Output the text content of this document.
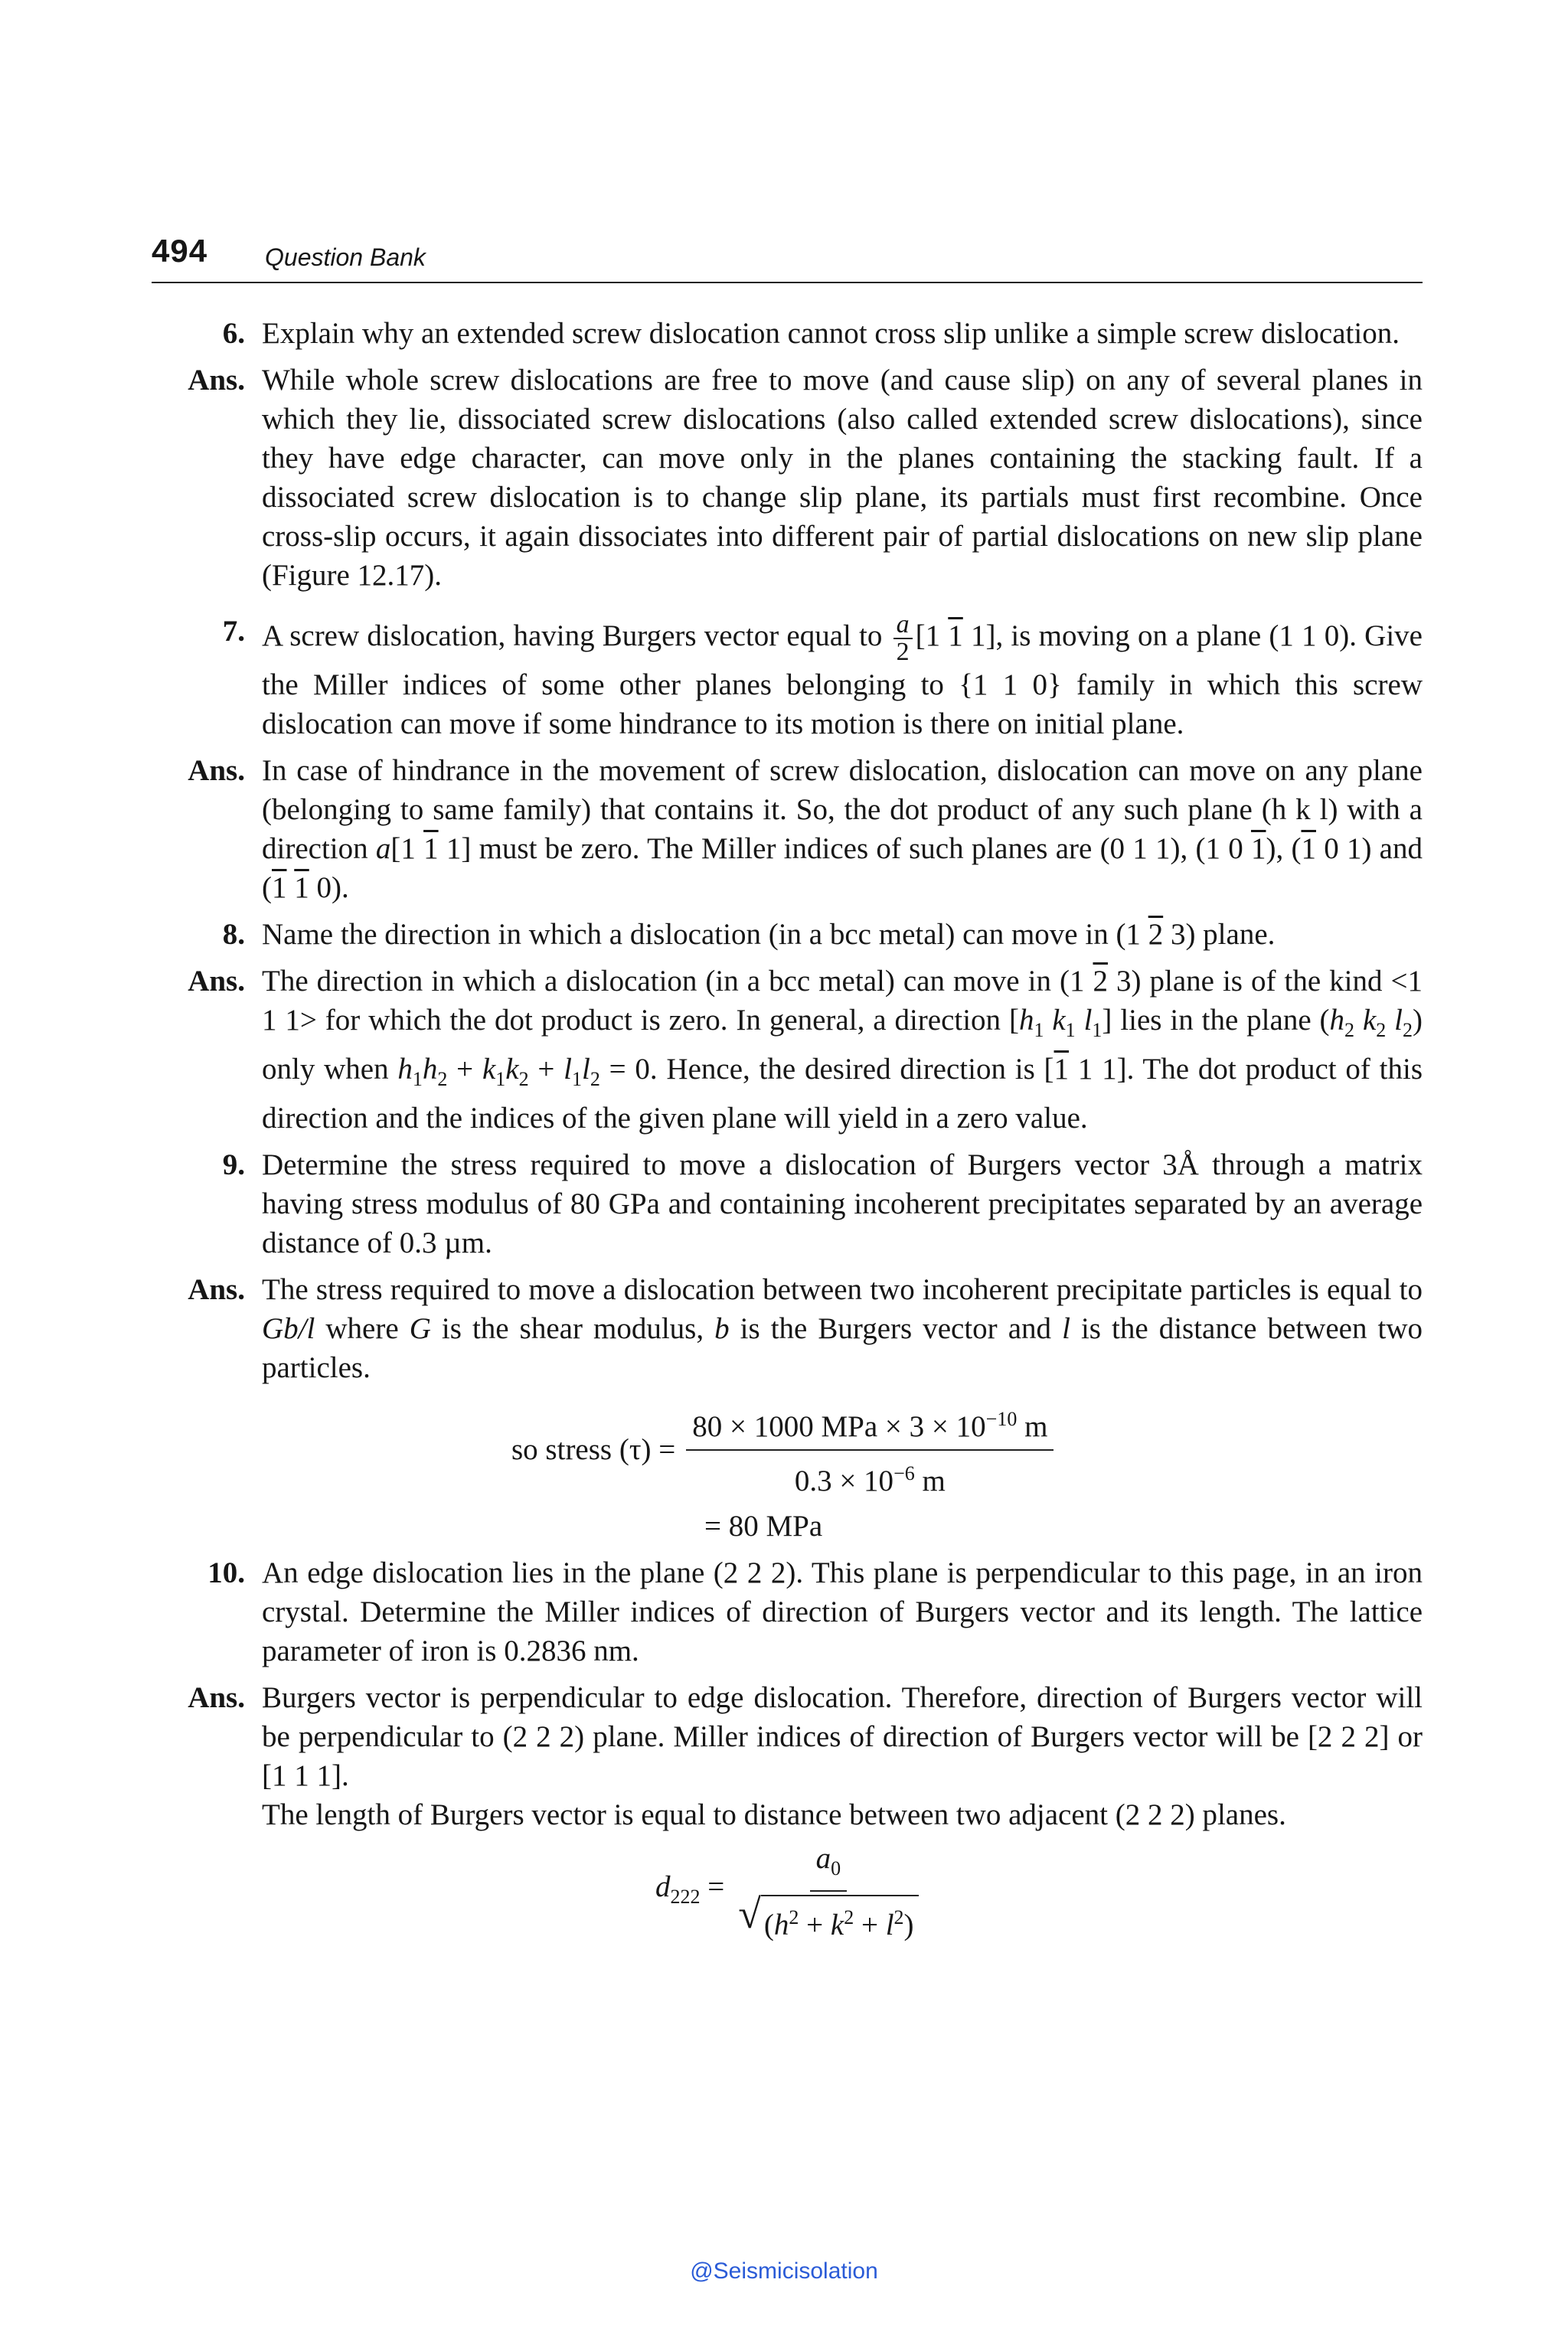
494 Question Bank
6. Explain why an extended screw dislocation cannot cross slip unlike a simple screw dislocation.

Ans. While whole screw dislocations are free to move (and cause slip) on any of several planes in which they lie, dissociated screw dislocations (also called extended screw dislocations), since they have edge character, can move only in the planes containing the stacking fault. If a dissociated screw dislocation is to change slip plane, its partials must first recombine. Once cross-slip occurs, it again dissociates into different pair of partial dislocations on new slip plane (Figure 12.17).

7. A screw dislocation, having Burgers vector equal to $\frac{a}{2} [1$ 1 1], is moving on a plane (1 1 0). Give the Miller indices of some other planes belonging to {1 1 0} family in which this screw dislocation can move if some hindrance to its motion is there on initial plane.

Ans. In case of hindrance in the movement of screw dislocation, dislocation can move on any plane (belonging to same family) that contains it. So, the dot product of any such plane (h k l) with a direction a[1 1 1] must be zero. The Miller indices of such planes are (0 1 1), (1 0 1), (1 0 1) and (1 1 0).

8. Name the direction in which a dislocation (in a bcc metal) can move in (1 2 3) plane.

Ans. The direction in which a dislocation (in a bcc metal) can move in (1 2 3) plane is of the kind <1 1 1> for which the dot product is zero. In general, a direction [$h_1$ $k_1$ $l_1$] lies in the plane ($h_2$ $k_2$ $l_2$) only when $h_1h_2 + k_1k_2 + l_1l_2 = 0$. Hence, the desired direction is [1 1 1]. The dot product of this direction and the indices of the given plane will yield in a zero value.

9. Determine the stress required to move a dislocation of Burgers vector 3Å through a matrix having stress modulus of 80 GPa and containing incoherent precipitates separated by an average distance of 0.3 µm.

Ans. The stress required to move a dislocation between two incoherent precipitate particles is equal to Gb/l where G is the shear modulus, b is the Burgers vector and l is the distance between two particles.

so stress $(\tau) = \frac{80 \times 1000 MPa \times 3 \times 10^{-10} m}{0.3 \times 10^{-6} m}$
= 80 MPa
10. An edge dislocation lies in the plane (2 2 2). This plane is perpendicular to this page, in an iron crystal. Determine the Miller indices of direction of Burgers vector and its length. The lattice parameter of iron is 0.2836 nm.

Ans. Burgers vector is perpendicular to edge dislocation. Therefore, direction of Burgers vector will be perpendicular to (2 2 2) plane. Miller indices of direction of Burgers vector will be [2 2 2] or [1 1 1].

The length of Burgers vector is equal to distance between two adjacent (2 2 2) planes.

$d_{222} = \frac{a_0}{√ (h^2 + k^2 + l^2)}$
@Seismicisolation
